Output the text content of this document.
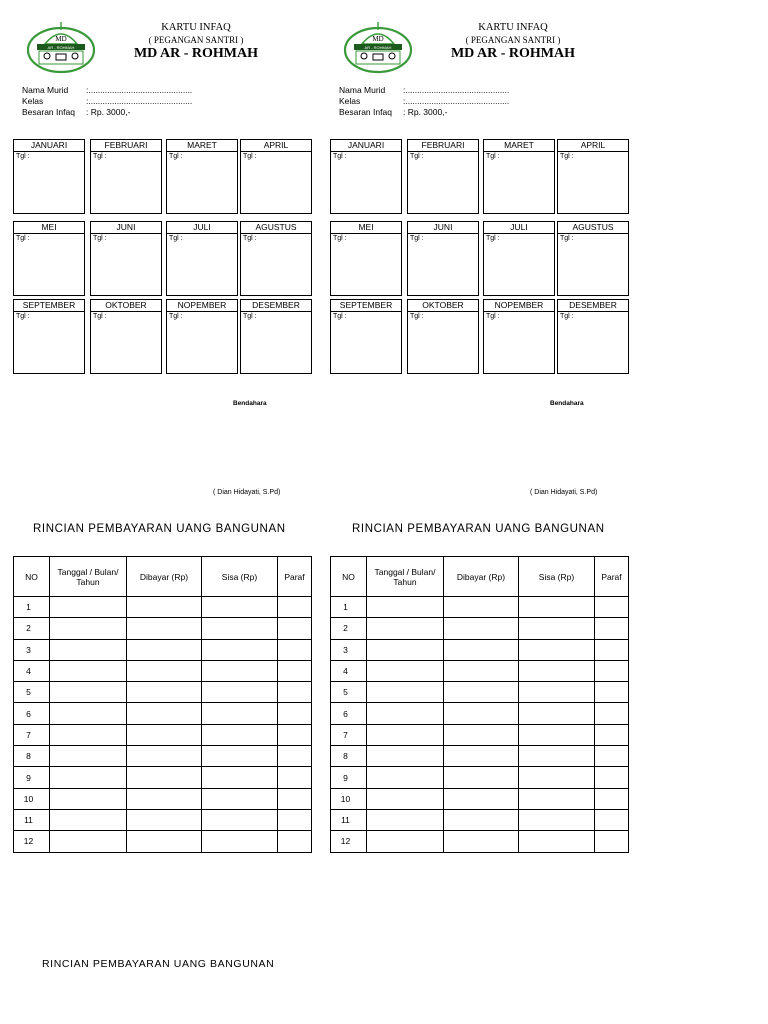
MD
AR - ROHMAH
KARTU INFAQ
( PEGANGAN SANTRI )
MD AR - ROHMAH
Nama Murid :............................................
Kelas	:............................................
Besaran Infaq : Rp. 3000,-
JANUARI
Tgl :
FEBRUARI
Tgl :
MARET
Tgl :
APRIL
Tgl :
MEI
Tgl :
JUNI
Tgl :
JULI
Tgl :
AGUSTUS
Tgl :
SEPTEMBER
Tgl :
OKTOBER
Tgl :
NOPEMBER
Tgl :
DESEMBER
Tgl :
Bendahara
( Dian Hidayati, S.Pd)
MD
AR - ROHMAH
KARTU INFAQ
( PEGANGAN SANTRI )
MD AR - ROHMAH
Nama Murid :............................................
Kelas	:............................................
Besaran Infaq : Rp. 3000,-
JANUARI
Tgl :
FEBRUARI
Tgl :
MARET
Tgl :
APRIL
Tgl :
MEI
Tgl :
JUNI
Tgl :
JULI
Tgl :
AGUSTUS
Tgl :
SEPTEMBER
Tgl :
OKTOBER
Tgl :
NOPEMBER
Tgl :
DESEMBER
Tgl :
Bendahara
( Dian Hidayati, S.Pd)
RINCIAN PEMBAYARAN UANG BANGUNAN
NO	Tanggal / Bulan/ Tahun	Dibayar (Rp)	Sisa (Rp)	Paraf
1				
2				
3				
4				
5				
6				
7				
8				
9				
10				
11				
12				
RINCIAN PEMBAYARAN UANG BANGUNAN
NO	Tanggal / Bulan/ Tahun	Dibayar (Rp)	Sisa (Rp)	Paraf
1				
2				
3				
4				
5				
6				
7				
8				
9				
10				
11				
12				
RINCIAN PEMBAYARAN UANG BANGUNAN
